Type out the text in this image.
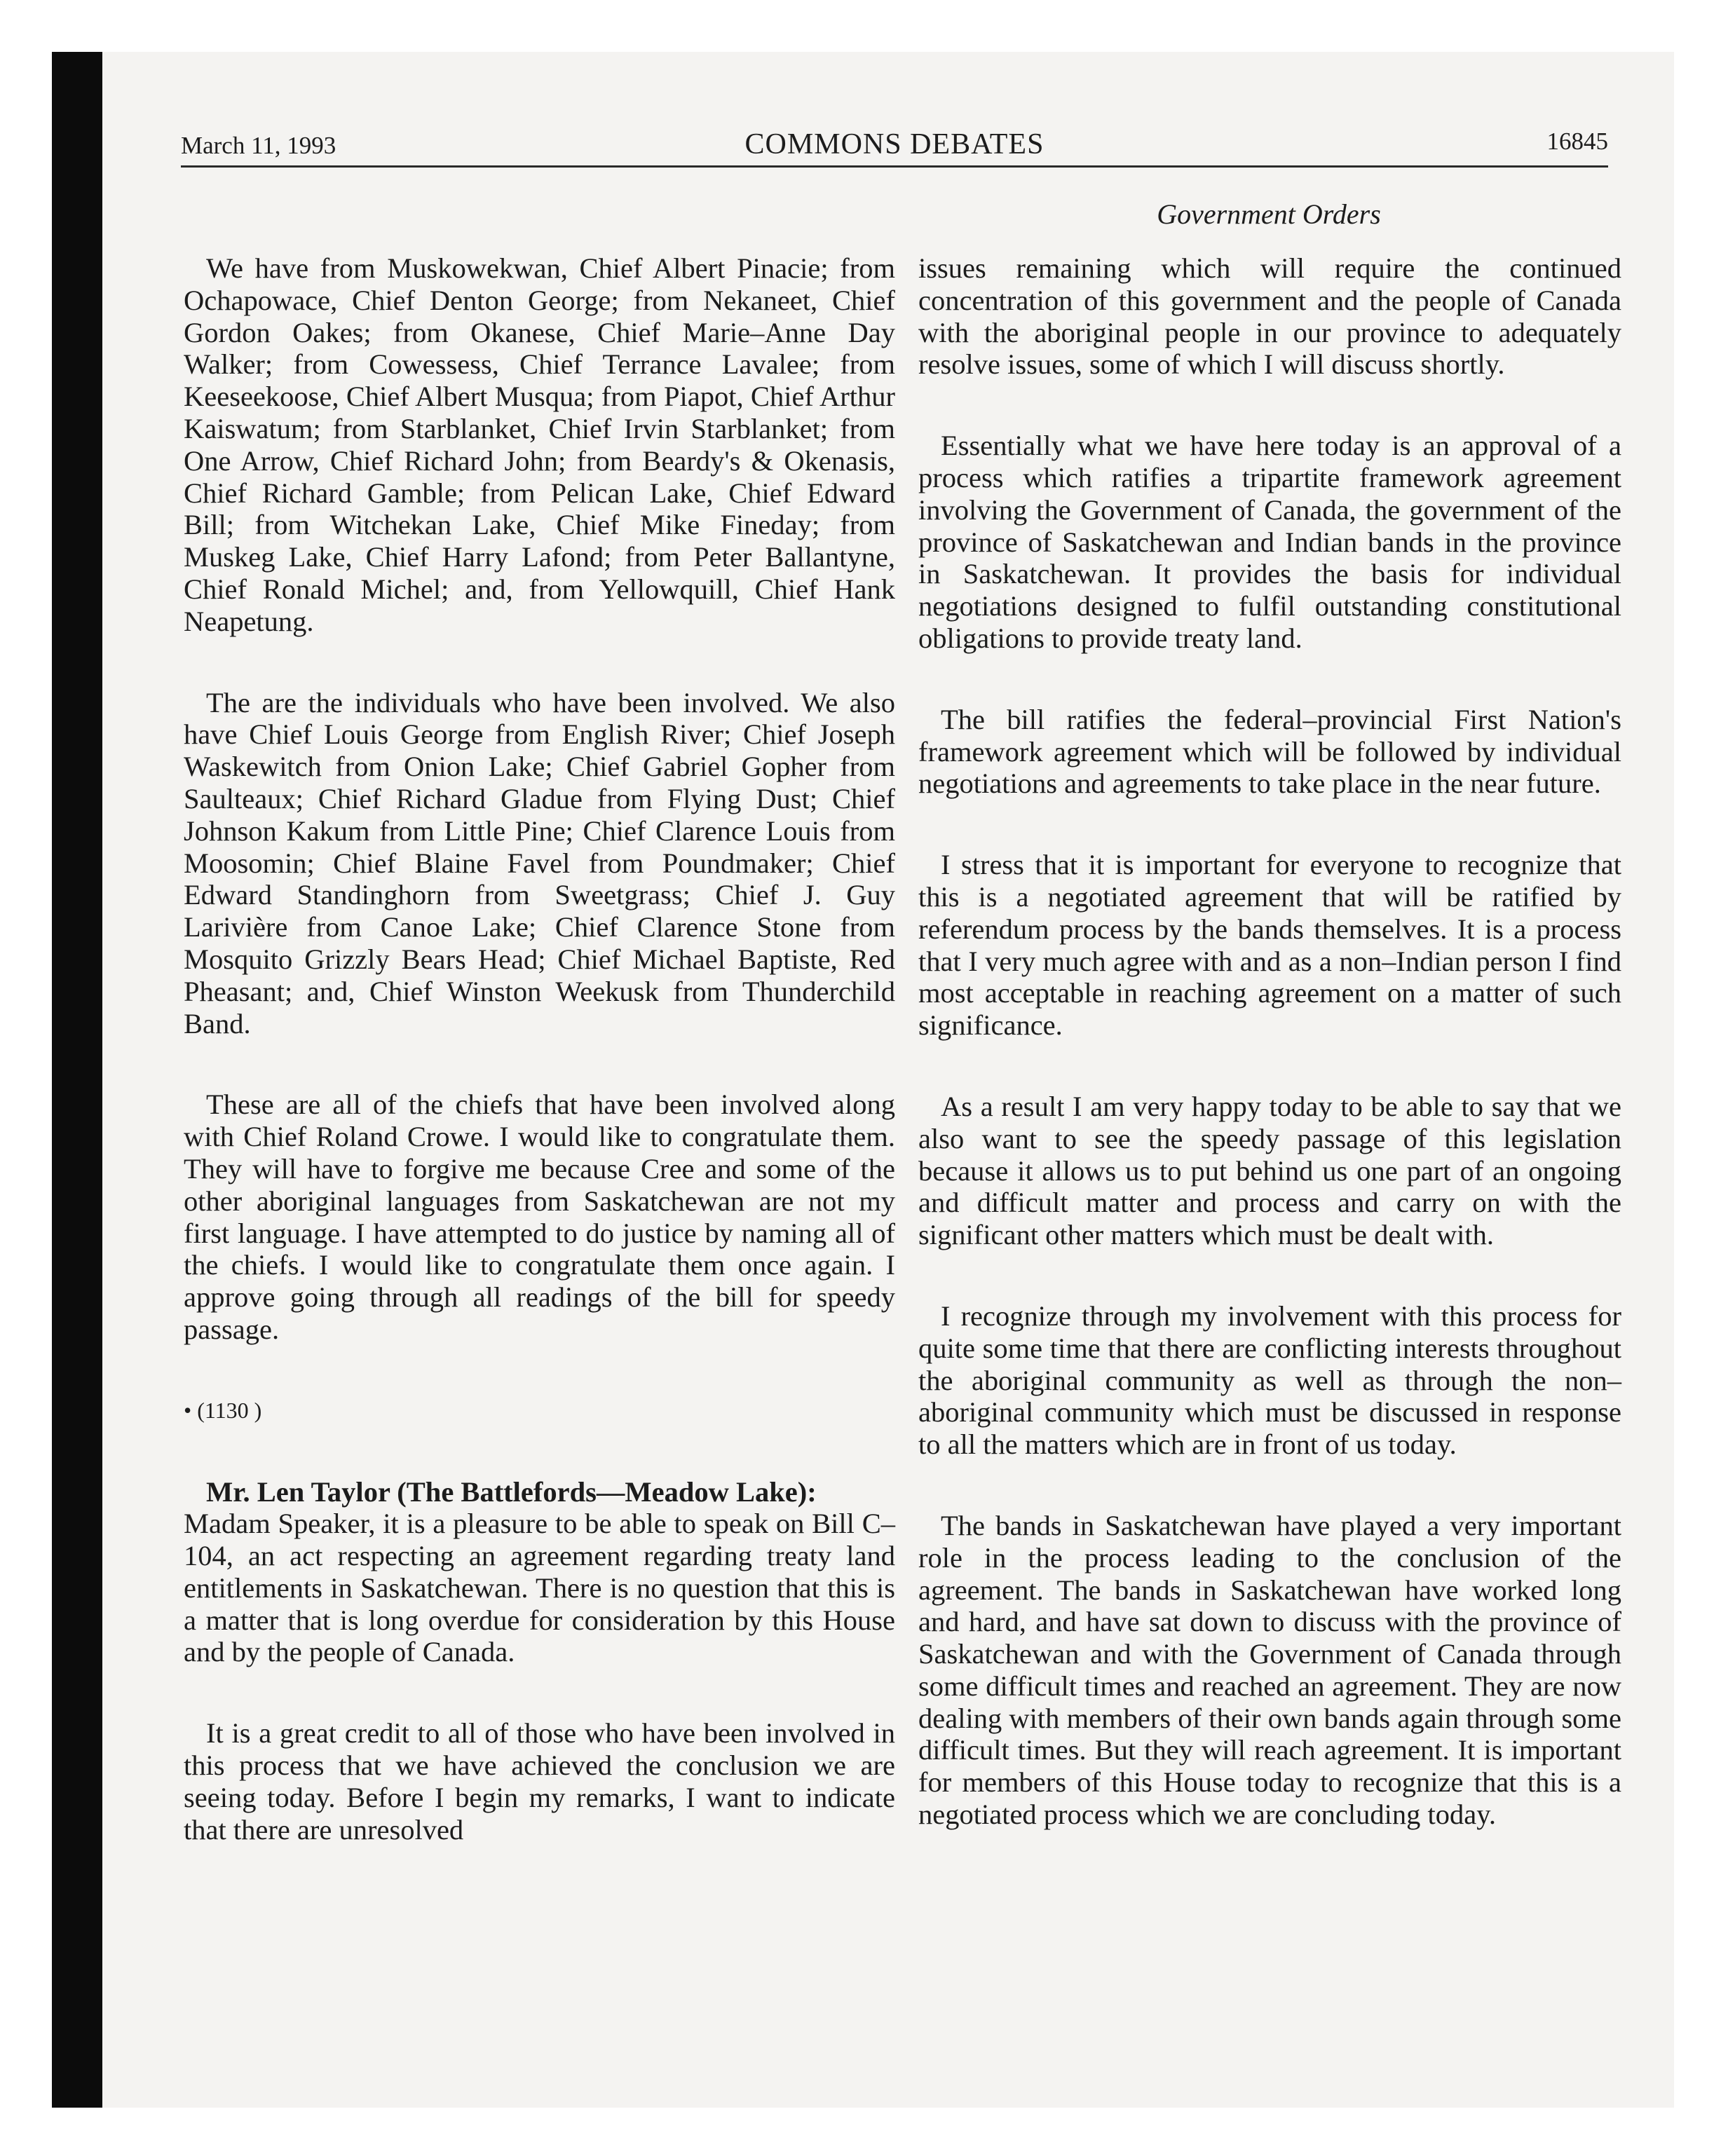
March 11, 1993	COMMONS DEBATES	16845
Government Orders

We have from Muskowekwan, Chief Albert Pinacie; from Ochapowace, Chief Denton George; from Nekaneet, Chief Gordon Oakes; from Okanese, Chief Marie–Anne Day Walker; from Cowessess, Chief Terrance Lavalee; from Keeseekoose, Chief Albert Musqua; from Piapot, Chief Arthur Kaiswatum; from Starblanket, Chief Irvin Starblanket; from One Arrow, Chief Richard John; from Beardy's & Okenasis, Chief Richard Gamble; from Pelican Lake, Chief Edward Bill; from Witchekan Lake, Chief Mike Fineday; from Muskeg Lake, Chief Harry Lafond; from Peter Ballantyne, Chief Ronald Michel; and, from Yellowquill, Chief Hank Neapetung.

The are the individuals who have been involved. We also have Chief Louis George from English River; Chief Joseph Waskewitch from Onion Lake; Chief Gabriel Gopher from Saulteaux; Chief Richard Gladue from Flying Dust; Chief Johnson Kakum from Little Pine; Chief Clarence Louis from Moosomin; Chief Blaine Favel from Poundmaker; Chief Edward Standinghorn from Sweetgrass; Chief J. Guy Larivière from Canoe Lake; Chief Clarence Stone from Mosquito Grizzly Bears Head; Chief Michael Baptiste, Red Pheasant; and, Chief Winston Weekusk from Thunderchild Band.

These are all of the chiefs that have been involved along with Chief Roland Crowe. I would like to congratulate them. They will have to forgive me because Cree and some of the other aboriginal languages from Saskatchewan are not my first language. I have attempted to do justice by naming all of the chiefs. I would like to congratulate them once again. I approve going through all readings of the bill for speedy passage.

• (1130 )

Mr. Len Taylor (The Battlefords—Meadow Lake):

Madam Speaker, it is a pleasure to be able to speak on Bill C–104, an act respecting an agreement regarding treaty land entitlements in Saskatchewan. There is no question that this is a matter that is long overdue for consideration by this House and by the people of Canada.

It is a great credit to all of those who have been involved in this process that we have achieved the conclusion we are seeing today. Before I begin my remarks, I want to indicate that there are unresolved

issues remaining which will require the continued concentration of this government and the people of Canada with the aboriginal people in our province to adequately resolve issues, some of which I will discuss shortly.

Essentially what we have here today is an approval of a process which ratifies a tripartite framework agreement involving the Government of Canada, the government of the province of Saskatchewan and Indian bands in the province in Saskatchewan. It provides the basis for individual negotiations designed to fulfil outstanding constitutional obligations to provide treaty land.

The bill ratifies the federal–provincial First Nation's framework agreement which will be followed by individual negotiations and agreements to take place in the near future.

I stress that it is important for everyone to recognize that this is a negotiated agreement that will be ratified by referendum process by the bands themselves. It is a process that I very much agree with and as a non–Indian person I find most acceptable in reaching agreement on a matter of such significance.

As a result I am very happy today to be able to say that we also want to see the speedy passage of this legislation because it allows us to put behind us one part of an ongoing and difficult matter and process and carry on with the significant other matters which must be dealt with.

I recognize through my involvement with this process for quite some time that there are conflicting interests throughout the aboriginal community as well as through the non–aboriginal community which must be discussed in response to all the matters which are in front of us today.

The bands in Saskatchewan have played a very important role in the process leading to the conclusion of the agreement. The bands in Saskatchewan have worked long and hard, and have sat down to discuss with the province of Saskatchewan and with the Government of Canada through some difficult times and reached an agreement. They are now dealing with members of their own bands again through some difficult times. But they will reach agreement. It is important for members of this House today to recognize that this is a negotiated process which we are concluding today.
